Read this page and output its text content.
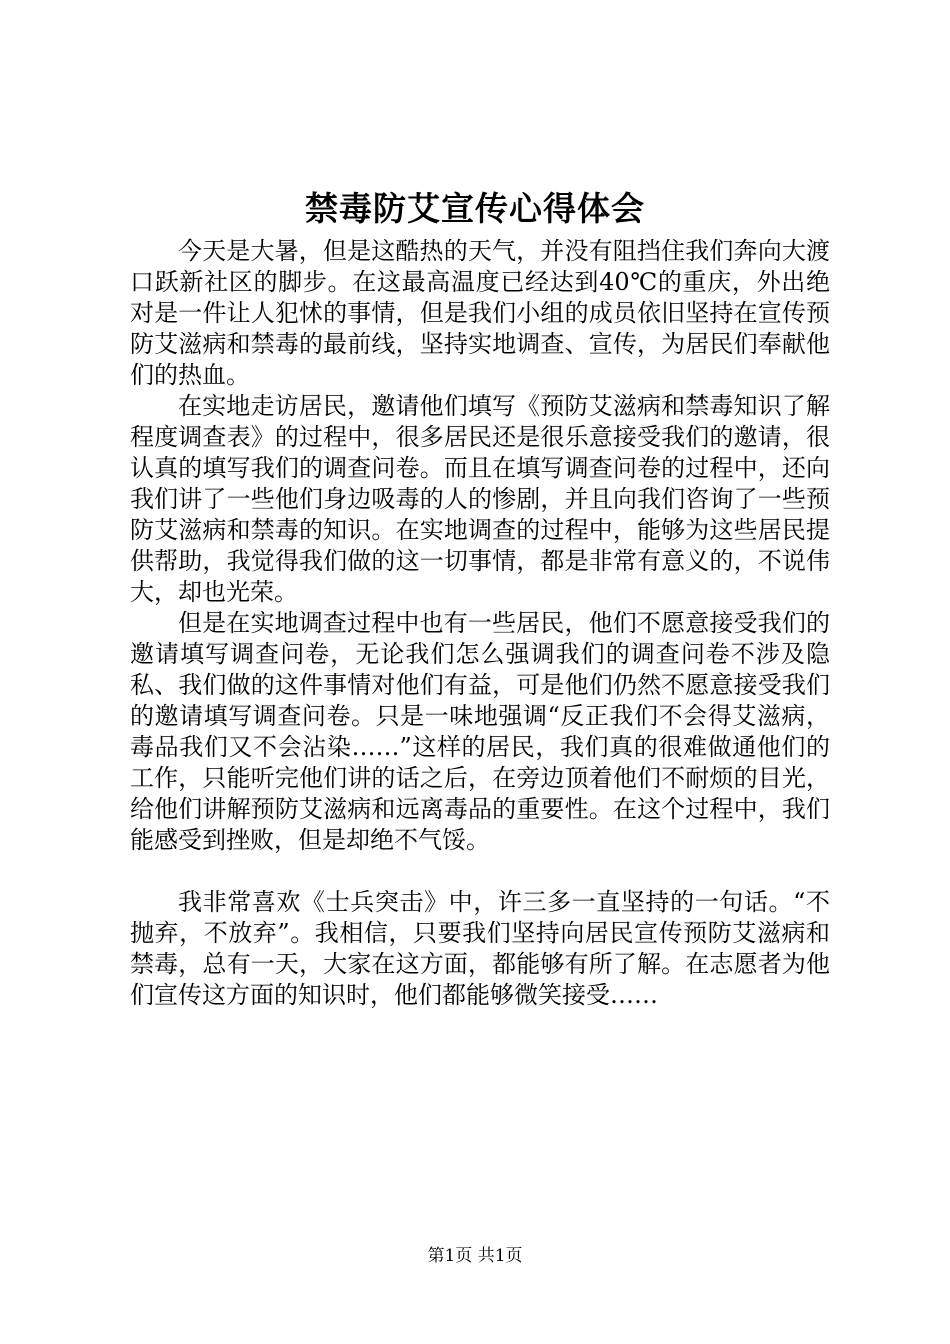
禁毒防艾宣传心得体会

今天是大暑，但是这酷热的天气，并没有阻挡住我们奔向大渡口跃新社区的脚步。在这最高温度已经达到40℃的重庆，外出绝对是一件让人犯怵的事情，但是我们小组的成员依旧坚持在宣传预防艾滋病和禁毒的最前线，坚持实地调查、宣传，为居民们奉献他们的热血。

在实地走访居民，邀请他们填写《预防艾滋病和禁毒知识了解程度调查表》的过程中，很多居民还是很乐意接受我们的邀请，很认真的填写我们的调查问卷。而且在填写调查问卷的过程中，还向我们讲了一些他们身边吸毒的人的惨剧，并且向我们咨询了一些预防艾滋病和禁毒的知识。在实地调查的过程中，能够为这些居民提供帮助，我觉得我们做的这一切事情，都是非常有意义的，不说伟大，却也光荣。

但是在实地调查过程中也有一些居民，他们不愿意接受我们的邀请填写调查问卷，无论我们怎么强调我们的调查问卷不涉及隐私、我们做的这件事情对他们有益，可是他们仍然不愿意接受我们的邀请填写调查问卷。只是一味地强调“反正我们不会得艾滋病，毒品我们又不会沾染……”这样的居民，我们真的很难做通他们的工作，只能听完他们讲的话之后，在旁边顶着他们不耐烦的目光，给他们讲解预防艾滋病和远离毒品的重要性。在这个过程中，我们能感受到挫败，但是却绝不气馁。

我非常喜欢《士兵突击》中，许三多一直坚持的一句话。“不抛弃，不放弃”。我相信，只要我们坚持向居民宣传预防艾滋病和禁毒，总有一天，大家在这方面，都能够有所了解。在志愿者为他们宣传这方面的知识时，他们都能够微笑接受……

第1页 共1页
